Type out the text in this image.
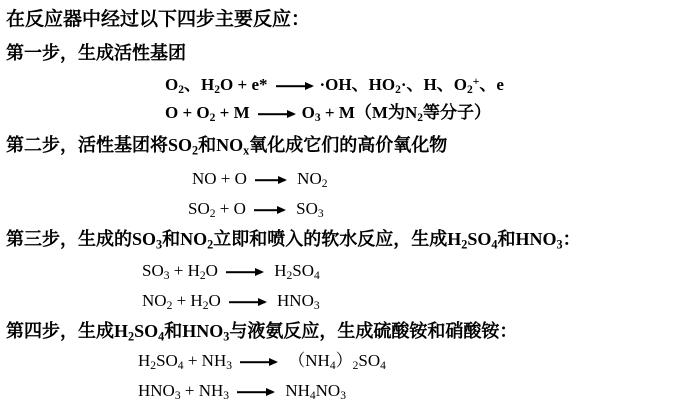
在反应器中经过以下四步主要反应：
第一步，生成活性基团
$O_2$、$H_2O + e*$	·OH、$HO_2\cdot$、H、$O_2^+$、e
$O + O_2 + M$	$O_3 + M(M$为$N_2$等分子）
第二步，活性基团将$SO_2$和$NO_x$氧化成它们的高价氧化物
NO + O	$NO_2$
$SO_2 + O$	$SO_3$
第三步，生成的$SO_3$和$NO_2$立即和喷入的软水反应，生成$H_2SO_4$和$HNO_3$：
$SO_3 + H_2O$	$H_2SO_4$
$NO_2 + H_2O$	$HNO_3$
第四步，生成$H_2SO_4$和$HNO_3$与液氨反应，生成硫酸铵和硝酸铵：
$H_2SO_4 + NH_3$	$(NH_4)_2SO_4$
$HNO_3 + NH_3$	$NH_4NO_3$
